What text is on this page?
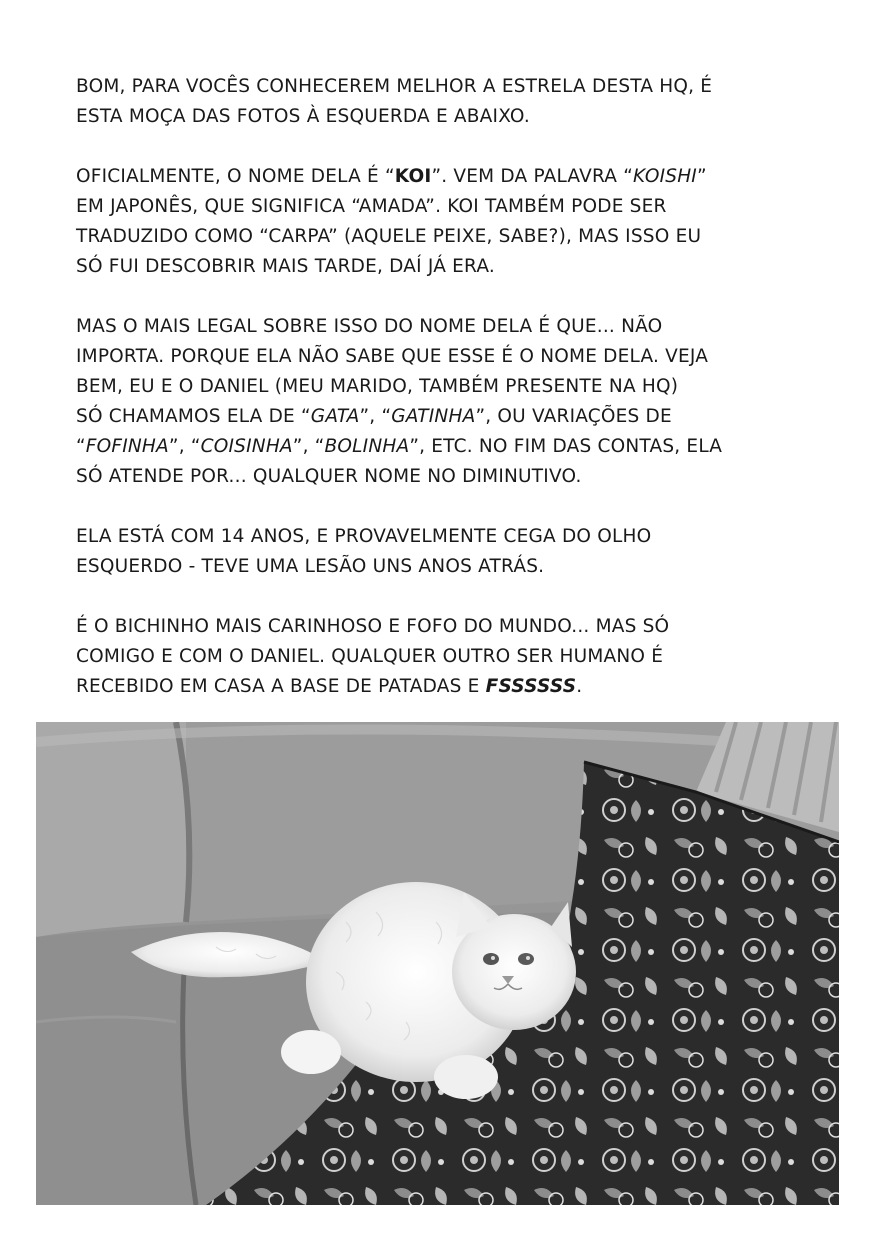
BOM, PARA VOCÊS CONHECEREM MELHOR A ESTRELA DESTA HQ, É
ESTA MOÇA DAS FOTOS À ESQUERDA E ABAIXO.
OFICIALMENTE, O NOME DELA É “KOI”. VEM DA PALAVRA “KOISHI”
EM JAPONÊS, QUE SIGNIFICA “AMADA”. KOI TAMBÉM PODE SER
TRADUZIDO COMO “CARPA” (AQUELE PEIXE, SABE?), MAS ISSO EU
SÓ FUI DESCOBRIR MAIS TARDE, DAÍ JÁ ERA.
MAS O MAIS LEGAL SOBRE ISSO DO NOME DELA É QUE... NÃO
IMPORTA. PORQUE ELA NÃO SABE QUE ESSE É O NOME DELA. VEJA
BEM, EU E O DANIEL (MEU MARIDO, TAMBÉM PRESENTE NA HQ)
SÓ CHAMAMOS ELA DE “GATA”, “GATINHA”, OU VARIAÇÕES DE
“FOFINHA”, “COISINHA”, “BOLINHA”, ETC. NO FIM DAS CONTAS, ELA
SÓ ATENDE POR... QUALQUER NOME NO DIMINUTIVO.
ELA ESTÁ COM 14 ANOS, E PROVAVELMENTE CEGA DO OLHO
ESQUERDO - TEVE UMA LESÃO UNS ANOS ATRÁS.
É O BICHINHO MAIS CARINHOSO E FOFO DO MUNDO... MAS SÓ
COMIGO E COM O DANIEL. QUALQUER OUTRO SER HUMANO É
RECEBIDO EM CASA A BASE DE PATADAS E FSSSSSS.
